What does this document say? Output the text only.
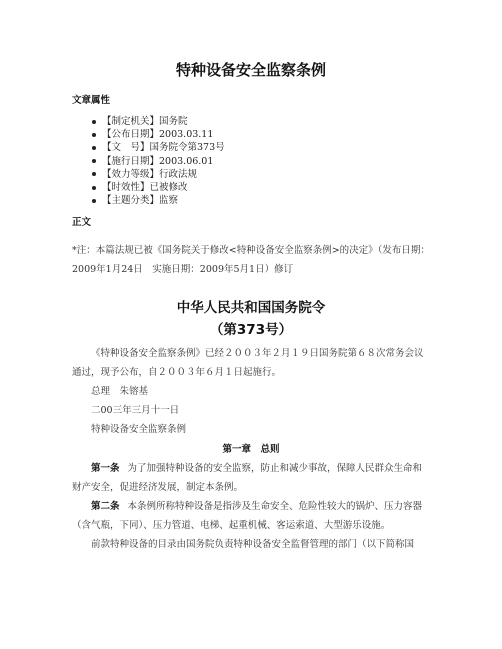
特种设备安全监察条例
文章属性
【制定机关】国务院
【公布日期】2003.03.11
【文　号】国务院令第373号
【施行日期】2003.06.01
【效力等级】行政法规
【时效性】已被修改
【主题分类】监察
正文

*注：本篇法规已被《国务院关于修改<特种设备安全监察条例>的决定》（发布日期：2009年1月24日　实施日期：2009年5月1日）修订

中华人民共和国国务院令
（第373号）

《特种设备安全监察条例》已经２００３年２月１９日国务院第６８次常务会议通过，现予公布，自２００３年６月１日起施行。

总理　朱镕基

二00三年三月十一日

特种设备安全监察条例

第一章　总则

第一条 为了加强特种设备的安全监察，防止和减少事故，保障人民群众生命和财产安全，促进经济发展，制定本条例。

第二条 本条例所称特种设备是指涉及生命安全、危险性较大的锅炉、压力容器（含气瓶，下同）、压力管道、电梯、起重机械、客运索道、大型游乐设施。

前款特种设备的目录由国务院负责特种设备安全监督管理的部门（以下简称国
